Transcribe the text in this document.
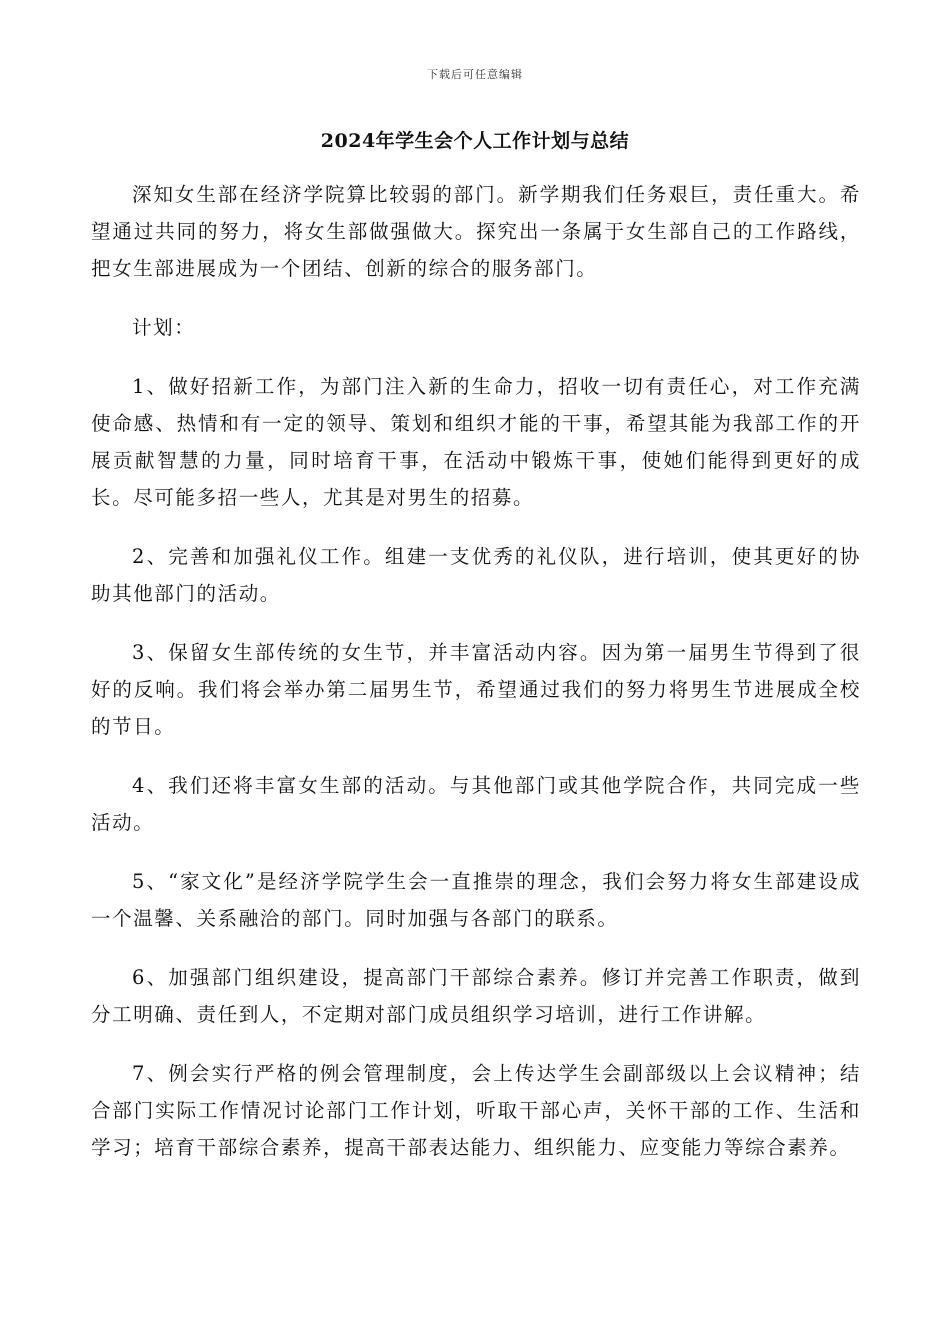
下载后可任意编辑
2024年学生会个人工作计划与总结

深知女生部在经济学院算比较弱的部门。新学期我们任务艰巨，责任重大。希望通过共同的努力，将女生部做强做大。探究出一条属于女生部自己的工作路线，把女生部进展成为一个团结、创新的综合的服务部门。

计划：

1、做好招新工作，为部门注入新的生命力，招收一切有责任心，对工作充满使命感、热情和有一定的领导、策划和组织才能的干事，希望其能为我部工作的开展贡献智慧的力量，同时培育干事，在活动中锻炼干事，使她们能得到更好的成长。尽可能多招一些人，尤其是对男生的招募。

2、完善和加强礼仪工作。组建一支优秀的礼仪队，进行培训，使其更好的协助其他部门的活动。

3、保留女生部传统的女生节，并丰富活动内容。因为第一届男生节得到了很好的反响。我们将会举办第二届男生节，希望通过我们的努力将男生节进展成全校的节日。

4、我们还将丰富女生部的活动。与其他部门或其他学院合作，共同完成一些活动。

5、“家文化”是经济学院学生会一直推崇的理念，我们会努力将女生部建设成一个温馨、关系融洽的部门。同时加强与各部门的联系。

6、加强部门组织建设，提高部门干部综合素养。修订并完善工作职责，做到分工明确、责任到人，不定期对部门成员组织学习培训，进行工作讲解。

7、例会实行严格的例会管理制度，会上传达学生会副部级以上会议精神；结合部门实际工作情况讨论部门工作计划，听取干部心声，关怀干部的工作、生活和学习；培育干部综合素养，提高干部表达能力、组织能力、应变能力等综合素养。
